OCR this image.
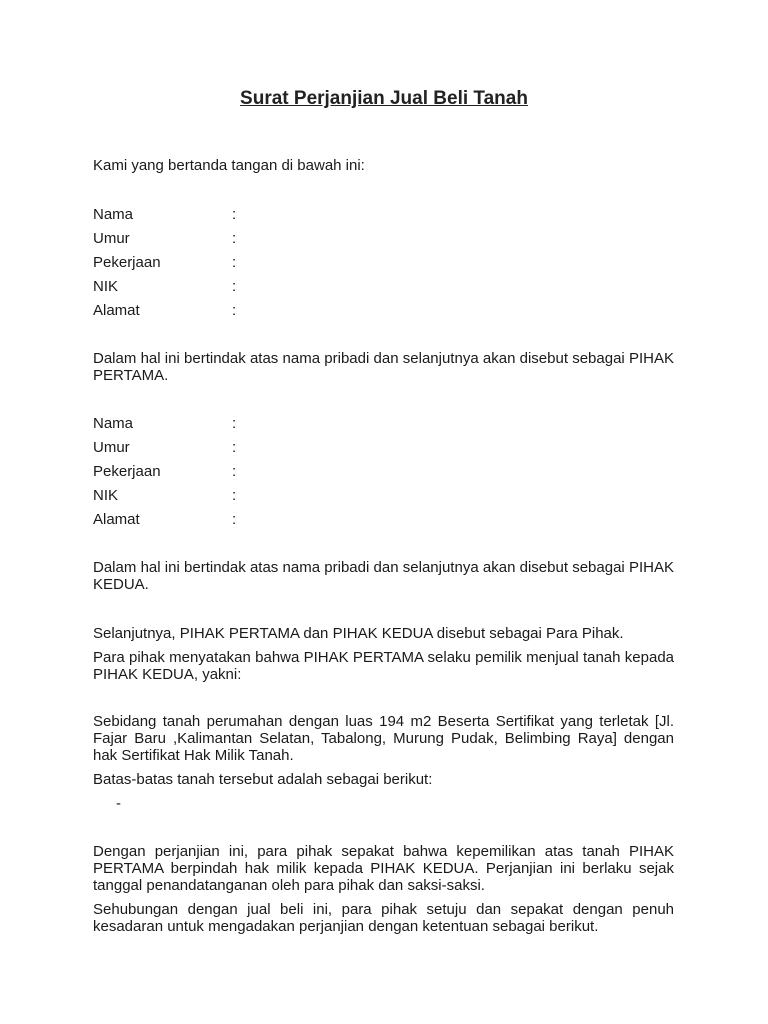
Surat Perjanjian Jual Beli Tanah

Kami yang bertanda tangan di bawah ini:

Nama	:
Umur	:
Pekerjaan	:
NIK	:
Alamat	:

Dalam hal ini bertindak atas nama pribadi dan selanjutnya akan disebut sebagai PIHAK PERTAMA.

Nama	:
Umur	:
Pekerjaan	:
NIK	:
Alamat	:

Dalam hal ini bertindak atas nama pribadi dan selanjutnya akan disebut sebagai PIHAK KEDUA.

Selanjutnya, PIHAK PERTAMA dan PIHAK KEDUA disebut sebagai Para Pihak.

Para pihak menyatakan bahwa PIHAK PERTAMA selaku pemilik menjual tanah kepada PIHAK KEDUA, yakni:

Sebidang tanah perumahan dengan luas 194 m2 Beserta Sertifikat yang terletak [Jl. Fajar Baru ,Kalimantan Selatan, Tabalong, Murung Pudak, Belimbing Raya] dengan hak Sertifikat Hak Milik Tanah.

Batas-batas tanah tersebut adalah sebagai berikut:

-

Dengan perjanjian ini, para pihak sepakat bahwa kepemilikan atas tanah PIHAK PERTAMA berpindah hak milik kepada PIHAK KEDUA. Perjanjian ini berlaku sejak tanggal penandatanganan oleh para pihak dan saksi-saksi.

Sehubungan dengan jual beli ini, para pihak setuju dan sepakat dengan penuh kesadaran untuk mengadakan perjanjian dengan ketentuan sebagai berikut.
